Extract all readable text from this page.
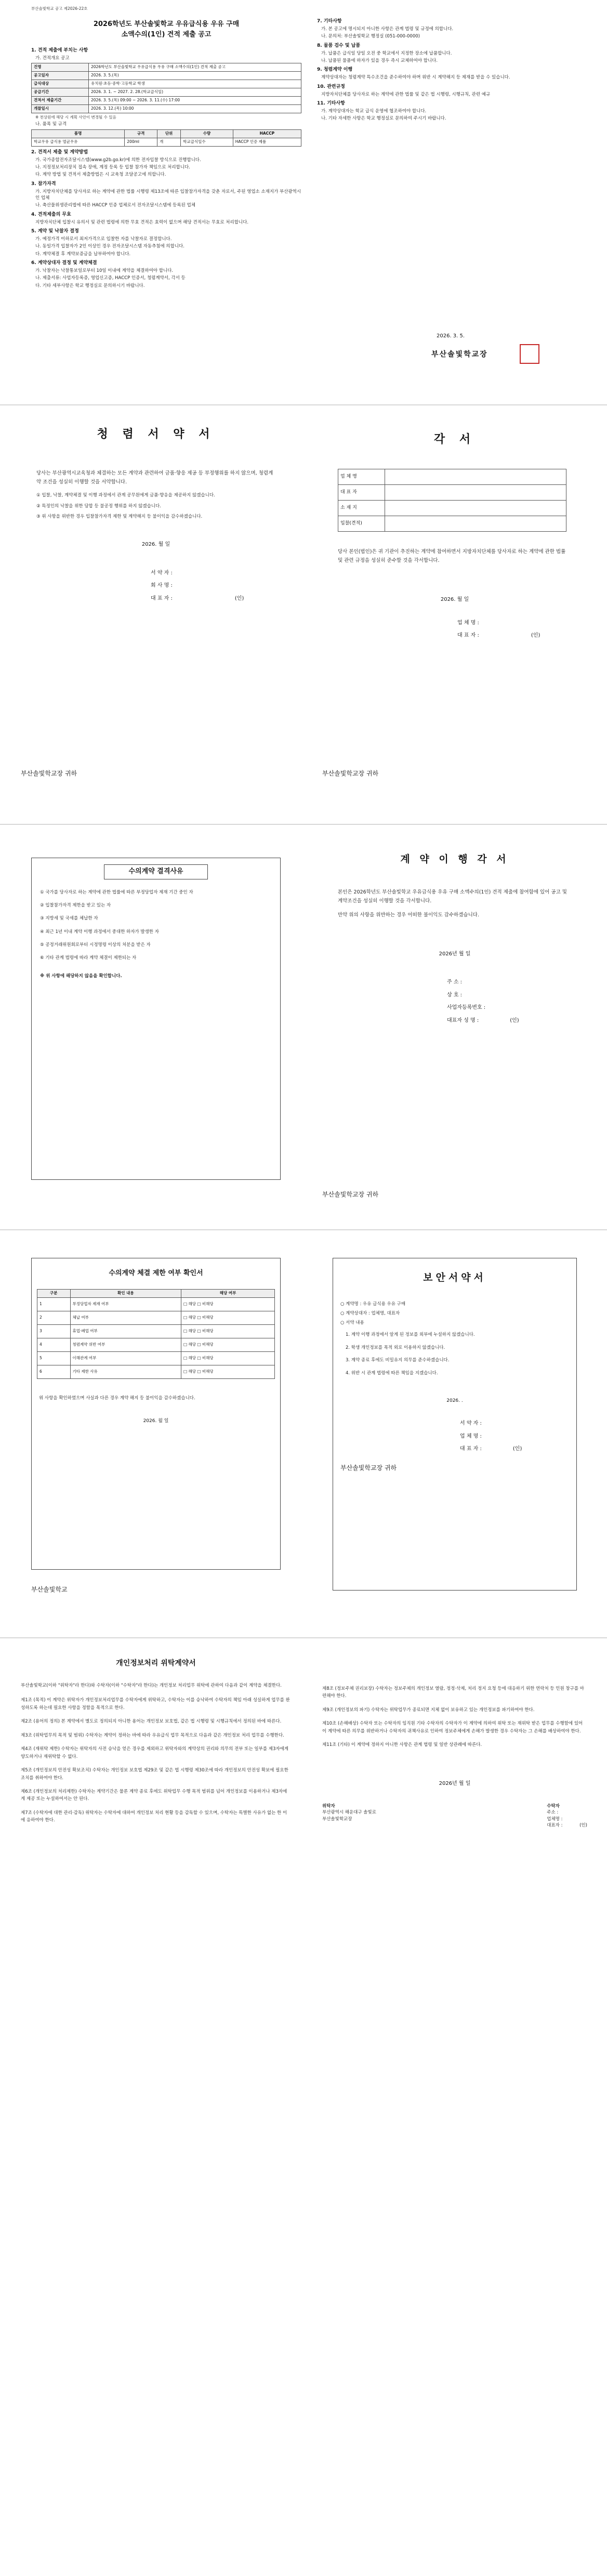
부산솔빛학교 공고 제2026-22호
2026학년도 부산솔빛학교 우유급식용 우유 구매
소액수의(1인) 견적 제출 공고
1. 견적 제출에 부치는 사항
가. 견적개요 공고
건명	2026학년도 부산솔빛학교 우유급식용 우유 구매 소액수의(1인) 견적 제출 공고
공고일자	2026. 3. 5.(목)
급식대상	유치원·초등·중학·고등학교 학생
공급기간	2026. 3. 1. ~ 2027. 2. 28.(학교급식일)
견적서 제출기간	2026. 3. 5.(목) 09:00 ~ 2026. 3. 11.(수) 17:00
개찰일시	2026. 3. 12.(목) 10:00
※ 천상원에 해당 시 계획 사안이 변경될 수 있음
나. 품목 및 규격
품명	규격	단위	수량	HACCP
학교우유 급식용 멸균우유	200ml	개	학교급식일수	HACCP 인증 제품
2. 견적서 제출 및 계약방법
가. 국가종합전자조달시스템(www.g2b.go.kr)에 의한 전자입찰 방식으로 진행합니다.
나. 지정정보처리장치 접속 장애, 계정 등록 등 입찰 참가자 책임으로 처리합니다.
다. 계약 방법 및 견적서 제출방법은 시 교육청 조달공고에 의합니다.
3. 참가자격
가. 지방자치단체를 당사자로 하는 계약에 관한 법률 시행령 제13조에 따른 입찰참가자격을 갖춘 자로서, 주된 영업소 소재지가 부산광역시인 업체
나. 축산물위생관리법에 따른 HACCP 인증 업체로서 전자조달시스템에 등록된 업체
4. 견적제출의 무효
지방자치단체 입찰시 유의서 및 관련 법령에 의한 무효 견적은 효력이 없으며 해당 견적서는 무효로 처리합니다.
5. 계약 및 낙찰자 결정
가. 예정가격 이하로서 최저가격으로 입찰한 자를 낙찰자로 결정합니다.
나. 동일가격 입찰자가 2인 이상인 경우 전자조달시스템 자동추첨에 의합니다.
다. 계약체결 후 계약보증금을 납부하여야 합니다.
6. 계약상대자 결정 및 계약체결
가. 낙찰자는 낙찰통보일로부터 10일 이내에 계약을 체결하여야 합니다.
나. 제출서류: 사업자등록증, 영업신고증, HACCP 인증서, 청렴계약서, 각서 등
다. 기타 세부사항은 학교 행정실로 문의하시기 바랍니다.
7. 기타사항
가. 본 공고에 명시되지 아니한 사항은 관계 법령 및 규정에 의합니다.
나. 문의처: 부산솔빛학교 행정실 (051-000-0000)
8. 물품 검수 및 납품
가. 납품은 급식일 당일 오전 중 학교에서 지정한 장소에 납품합니다.
나. 납품된 물품에 하자가 있을 경우 즉시 교체하여야 합니다.
9. 청렴계약 이행
계약상대자는 청렴계약 특수조건을 준수하여야 하며 위반 시 계약해지 등 제재를 받을 수 있습니다.
10. 관련규정
지방자치단체를 당사자로 하는 계약에 관한 법률 및 같은 법 시행령, 시행규칙, 관련 예규
11. 기타사항
가. 계약상대자는 학교 급식 운영에 협조하여야 합니다.
나. 기타 자세한 사항은 학교 행정실로 문의하여 주시기 바랍니다.
2026. 3. 5.
부산솔빛학교장
청 렴 서 약 서
당사는 부산광역시교육청과 체결하는 모든 계약과 관련하여 금품·향응 제공 등 부정행위를 하지 않으며, 청렴계약 조건을 성실히 이행할 것을 서약합니다.
① 입찰, 낙찰, 계약체결 및 이행 과정에서 관계 공무원에게 금품·향응을 제공하지 않겠습니다.
② 특정인의 낙찰을 위한 담합 등 불공정 행위를 하지 않겠습니다.
③ 위 사항을 위반한 경우 입찰참가자격 제한 및 계약해지 등 불이익을 감수하겠습니다.
2026. 월 일
서 약 자 :
회 사 명 :
대 표 자 :	(인)
부산솔빛학교장 귀하
각 서
업 체 명	
대 표 자	
소 재 지	
입찰(견적)	
당사 본인(법인)은 귀 기관이 추진하는 계약에 참여하면서 지방자치단체를 당사자로 하는 계약에 관한 법률 및 관련 규정을 성실히 준수할 것을 각서합니다.
2026. 월 일
업 체 명 :
대 표 자 :	(인)
부산솔빛학교장 귀하
수의계약 결격사유
① 국가를 당사자로 하는 계약에 관한 법률에 따른 부정당업자 제재 기간 중인 자
② 입찰참가자격 제한을 받고 있는 자
③ 지방세 및 국세를 체납한 자
④ 최근 1년 이내 계약 이행 과정에서 중대한 하자가 발생한 자
⑤ 공정거래위원회로부터 시정명령 이상의 처분을 받은 자
⑥ 기타 관계 법령에 따라 계약 체결이 제한되는 자
※ 위 사항에 해당하지 않음을 확인합니다.
계 약 이 행 각 서
본인은 2026학년도 부산솔빛학교 우유급식용 우유 구매 소액수의(1인) 견적 제출에 참여함에 있어 공고 및 계약조건을 성실히 이행할 것을 각서합니다.
만약 위의 사항을 위반하는 경우 어떠한 불이익도 감수하겠습니다.
2026년 월 일
주 소 :
상 호 :
사업자등록번호 :
대표자 성 명 :	(인)
부산솔빛학교장 귀하
수의계약 체결 제한 여부 확인서
구분	확인 내용	해당 여부
1	부정당업자 제재 여부	□ 해당 □ 비해당
2	체납 여부	□ 해당 □ 비해당
3	휴업·폐업 여부	□ 해당 □ 비해당
4	청렴계약 위반 여부	□ 해당 □ 비해당
5	이해관계 여부	□ 해당 □ 비해당
6	기타 제한 사유	□ 해당 □ 비해당
위 사항을 확인하였으며 사실과 다른 경우 계약 해지 등 불이익을 감수하겠습니다.
2026. 월 일
부산솔빛학교
보안서약서
○ 계약명 : 우유 급식용 우유 구매
○ 계약상대자 : 업체명, 대표자
○ 서약 내용
1. 계약 이행 과정에서 알게 된 정보를 외부에 누설하지 않겠습니다.
2. 학생 개인정보를 목적 외로 이용하지 않겠습니다.
3. 계약 종료 후에도 비밀유지 의무를 준수하겠습니다.
4. 위반 시 관계 법령에 따른 책임을 지겠습니다.
2026. .
서 약 자 :
업 체 명 :
대 표 자 :	(인)
부산솔빛학교장 귀하
개인정보처리 위탁계약서
부산솔빛학교(이하 "위탁자"라 한다)와 수탁자(이하 "수탁자"라 한다)는 개인정보 처리업무 위탁에 관하여 다음과 같이 계약을 체결한다.
제1조 (목적) 이 계약은 위탁자가 개인정보처리업무를 수탁자에게 위탁하고, 수탁자는 이를 승낙하여 수탁자의 책임 아래 성실하게 업무를 완성하도록 하는데 필요한 사항을 정함을 목적으로 한다.
제2조 (용어의 정의) 본 계약에서 별도로 정의되지 아니한 용어는 개인정보 보호법, 같은 법 시행령 및 시행규칙에서 정의된 바에 따른다.
제3조 (위탁업무의 목적 및 범위) 수탁자는 계약이 정하는 바에 따라 우유급식 업무 목적으로 다음과 같은 개인정보 처리 업무를 수행한다.
제4조 (재위탁 제한) 수탁자는 위탁자의 사전 승낙을 얻은 경우를 제외하고 위탁자와의 계약상의 권리와 의무의 전부 또는 일부를 제3자에게 양도하거나 재위탁할 수 없다.
제5조 (개인정보의 안전성 확보조치) 수탁자는 개인정보 보호법 제29조 및 같은 법 시행령 제30조에 따라 개인정보의 안전성 확보에 필요한 조치를 취하여야 한다.
제6조 (개인정보의 처리제한) 수탁자는 계약기간은 물론 계약 종료 후에도 위탁업무 수행 목적 범위를 넘어 개인정보를 이용하거나 제3자에게 제공 또는 누설하여서는 안 된다.
제7조 (수탁자에 대한 관리·감독) 위탁자는 수탁자에 대하여 개인정보 처리 현황 등을 감독할 수 있으며, 수탁자는 특별한 사유가 없는 한 이에 응하여야 한다.
제8조 (정보주체 권리보장) 수탁자는 정보주체의 개인정보 열람, 정정·삭제, 처리 정지 요청 등에 대응하기 위한 연락처 등 민원 창구를 마련해야 한다.
제9조 (개인정보의 파기) 수탁자는 위탁업무가 종료되면 지체 없이 보유하고 있는 개인정보를 파기하여야 한다.
제10조 (손해배상) 수탁자 또는 수탁자의 임직원 기타 수탁자의 수탁자가 이 계약에 의하여 위탁 또는 재위탁 받은 업무를 수행함에 있어 이 계약에 따른 의무를 위반하거나 수탁자의 귀책사유로 인하여 정보주체에게 손해가 발생한 경우 수탁자는 그 손해를 배상하여야 한다.
제11조 (기타) 이 계약에 정하지 아니한 사항은 관계 법령 및 일반 상관례에 따른다.
2026년 월 일
위탁자
부산광역시 해운대구 솔빛로
부산솔빛학교장
수탁자
주소 :
업체명 :
대표자 :	(인)
